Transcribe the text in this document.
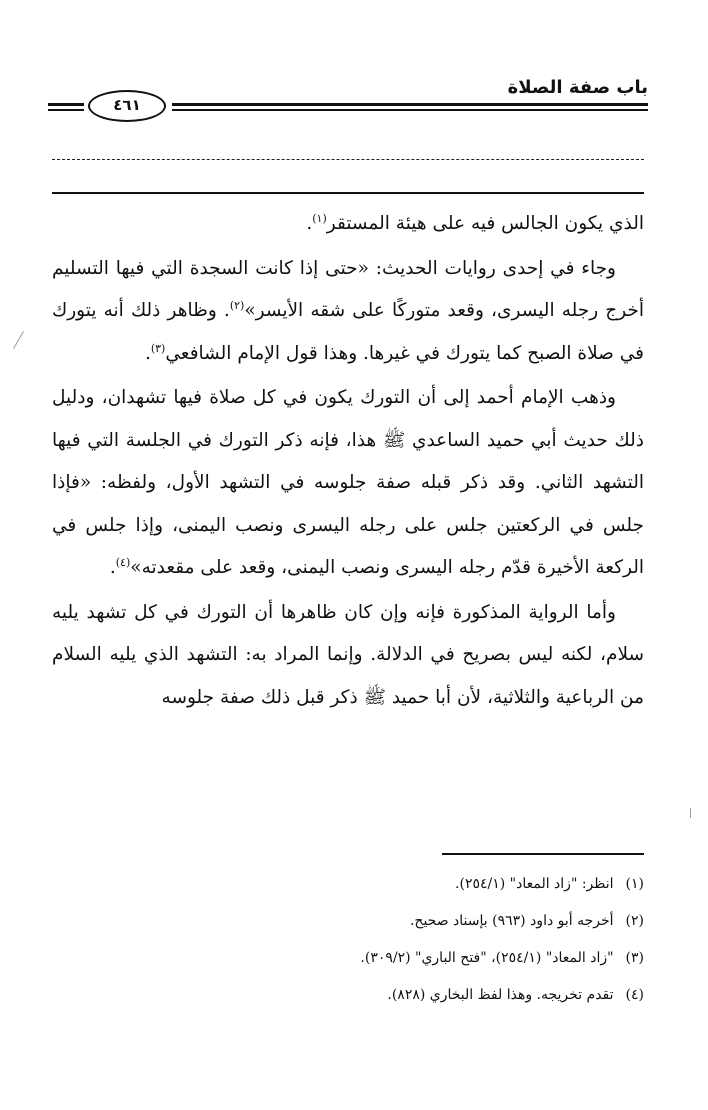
باب صفة الصلاة
٤٦١

الذي يكون الجالس فيه على هيئة المستقر$^{(١)}$.

وجاء في إحدى روايات الحديث: «حتى إذا كانت السجدة التي فيها التسليم أخرج رجله اليسرى، وقعد متوركًا على شقه الأيسر»$^{(٢)}$. وظاهر ذلك أنه يتورك في صلاة الصبح كما يتورك في غيرها. وهذا قول الإمام الشافعي$^{(٣)}$.

وذهب الإمام أحمد إلى أن التورك يكون في كل صلاة فيها تشهدان، ودليل ذلك حديث أبي حميد الساعدي ﷺ هذا، فإنه ذكر التورك في الجلسة التي فيها التشهد الثاني. وقد ذكر قبله صفة جلوسه في التشهد الأول، ولفظه: «فإذا جلس في الركعتين جلس على رجله اليسرى ونصب اليمنى، وإذا جلس في الركعة الأخيرة قدّم رجله اليسرى ونصب اليمنى، وقعد على مقعدته»$^{(٤)}$.

وأما الرواية المذكورة فإنه وإن كان ظاهرها أن التورك في كل تشهد يليه سلام، لكنه ليس بصريح في الدلالة. وإنما المراد به: التشهد الذي يليه السلام من الرباعية والثلاثية، لأن أبا حميد ﷺ ذكر قبل ذلك صفة جلوسه

(١) انظر: "زاد المعاد" (٢٥٤/١).
(٢) أخرجه أبو داود (٩٦٣) بإسناد صحيح.
(٣) "زاد المعاد" (٢٥٤/١)، "فتح الباري" (٣٠٩/٢).
(٤) تقدم تخريجه. وهذا لفظ البخاري (٨٢٨).
